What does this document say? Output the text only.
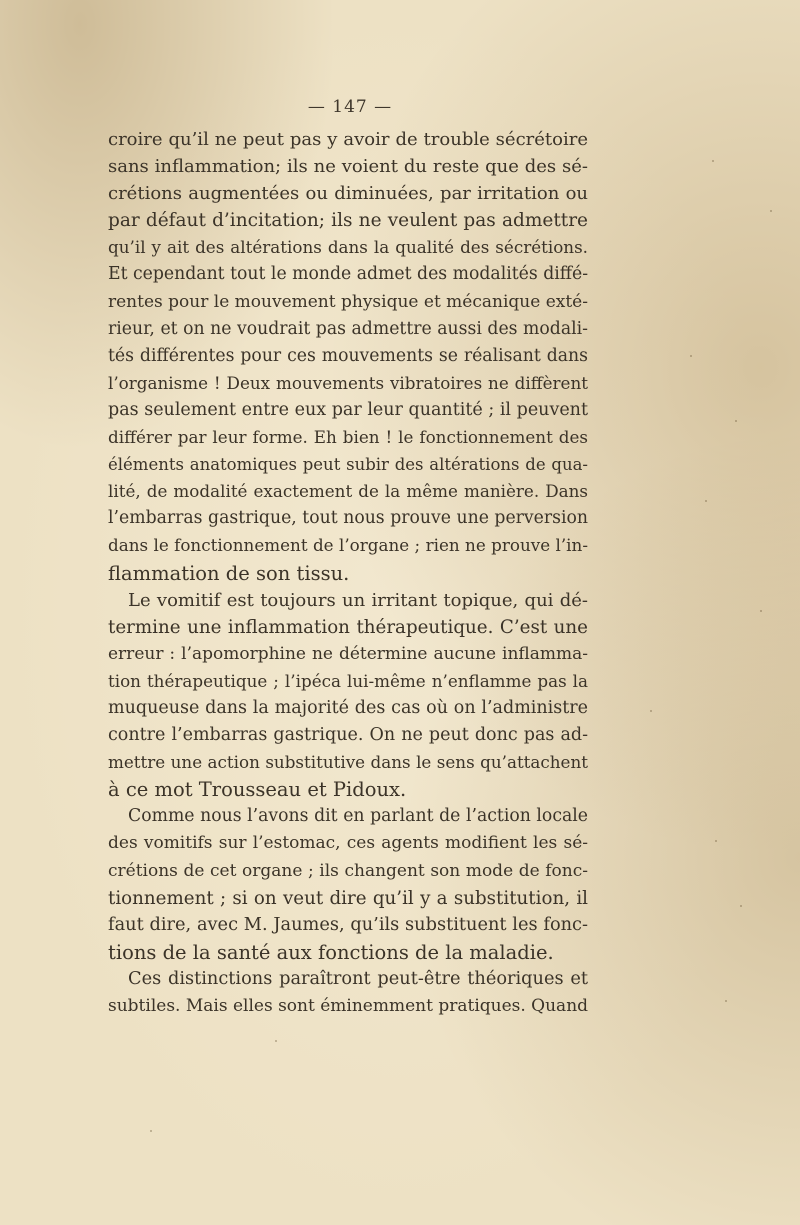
— 147 —
croire qu’il ne peut pas y avoir de trouble sécrétoire
sans inflammation; ils ne voient du reste que des sé-
crétions augmentées ou diminuées, par irritation ou
par défaut d’incitation; ils ne veulent pas admettre
qu’il y ait des altérations dans la qualité des sécrétions.
Et cependant tout le monde admet des modalités diffé-
rentes pour le mouvement physique et mécanique exté-
rieur, et on ne voudrait pas admettre aussi des modali-
tés différentes pour ces mouvements se réalisant dans
l’organisme ! Deux mouvements vibratoires ne diffèrent
pas seulement entre eux par leur quantité ; il peuvent
différer par leur forme. Eh bien ! le fonctionnement des
éléments anatomiques peut subir des altérations de qua-
lité, de modalité exactement de la même manière. Dans
l’embarras gastrique, tout nous prouve une perversion
dans le fonctionnement de l’organe ; rien ne prouve l’in-
flammation de son tissu.
Le vomitif est toujours un irritant topique, qui dé-
termine une inflammation thérapeutique. C’est une
erreur : l’apomorphine ne détermine aucune inflamma-
tion thérapeutique ; l’ipéca lui-même n’enflamme pas la
muqueuse dans la majorité des cas où on l’administre
contre l’embarras gastrique. On ne peut donc pas ad-
mettre une action substitutive dans le sens qu’attachent
à ce mot Trousseau et Pidoux.
Comme nous l’avons dit en parlant de l’action locale
des vomitifs sur l’estomac, ces agents modifient les sé-
crétions de cet organe ; ils changent son mode de fonc-
tionnement ; si on veut dire qu’il y a substitution, il
faut dire, avec M. Jaumes, qu’ils substituent les fonc-
tions de la santé aux fonctions de la maladie.
Ces distinctions paraîtront peut-être théoriques et
subtiles. Mais elles sont éminemment pratiques. Quand
